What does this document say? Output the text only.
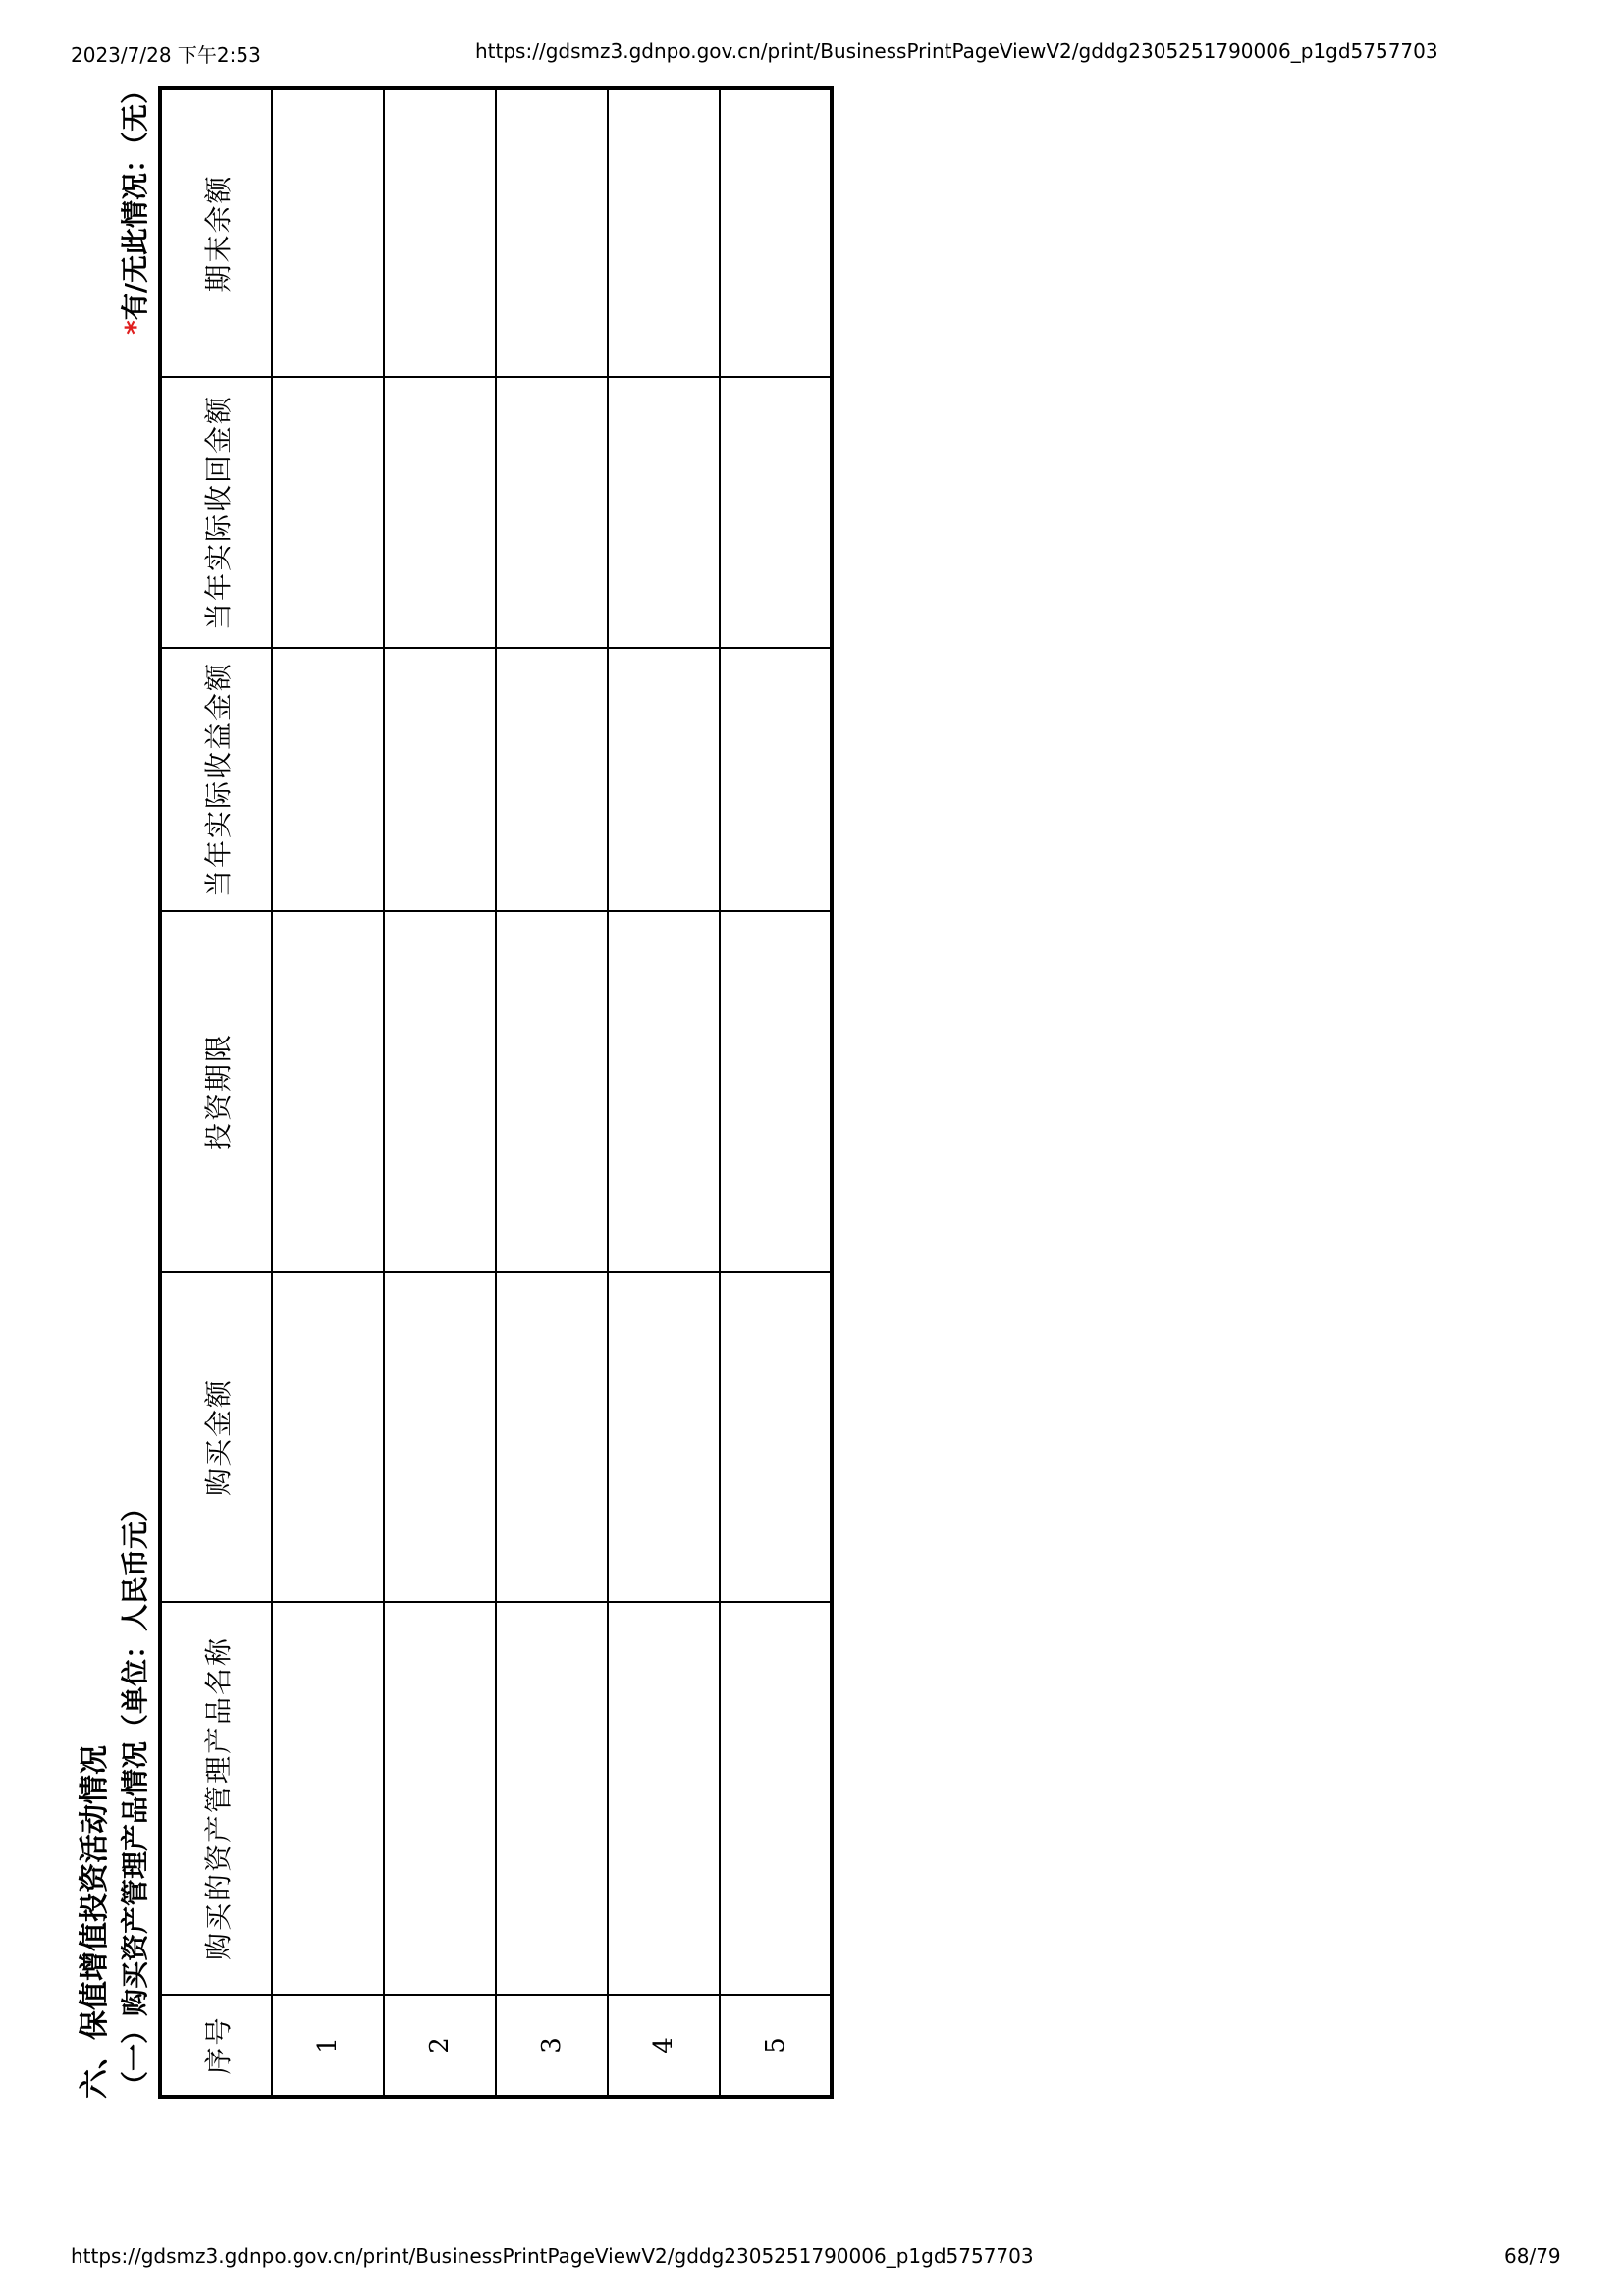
2023/7/28 下午2:53	https://gdsmz3.gdnpo.gov.cn/print/BusinessPrintPageViewV2/gddg2305251790006_p1gd5757703
六、保值增值投资活动情况 （一）购买资产管理产品情况（单位：人民币元）
*有/无此情况：（无）
序号	购买的资产管理产品名称	购买金额	投资期限	当年实际收益金额	当年实际收回金额	期末余额
1						
2						
3						
4						
5						
https://gdsmz3.gdnpo.gov.cn/print/BusinessPrintPageViewV2/gddg2305251790006_p1gd5757703	68/79
